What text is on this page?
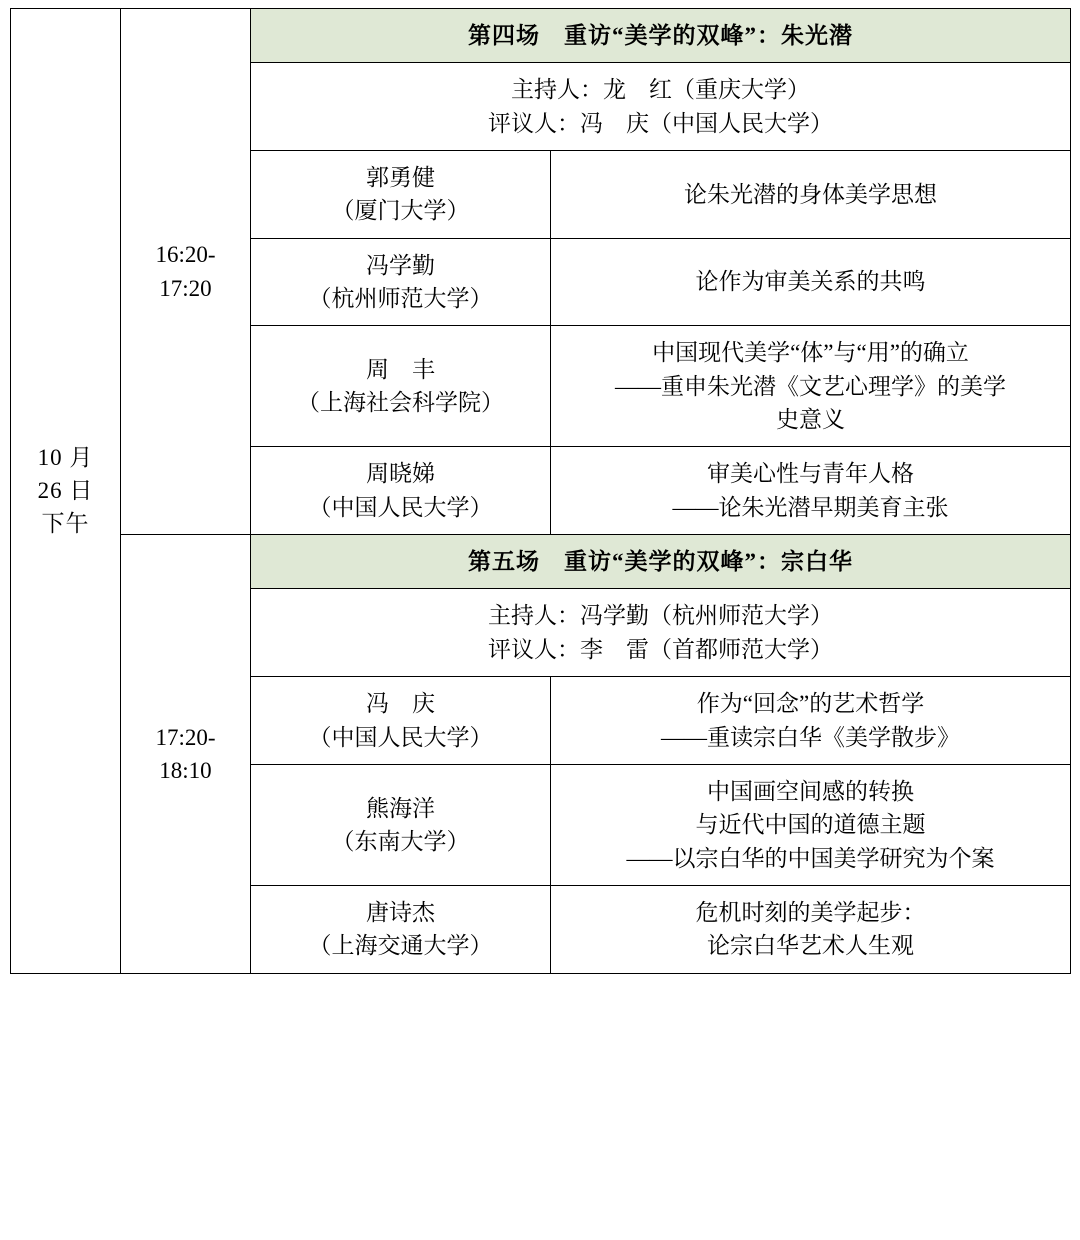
10 月
26 日
下午	16:20-
17:20	第四场　重访“美学的双峰”：朱光潜	

		主持人：龙　红（重庆大学）
评议人：冯　庆（中国人民大学）	

		郭勇健
（厦门大学）	论朱光潜的身体美学思想

		冯学勤
（杭州师范大学）	论作为审美关系的共鸣

		周　丰
（上海社会科学院）	中国现代美学“体”与“用”的确立
——重申朱光潜《文艺心理学》的美学
史意义

		周晓娣
（中国人民大学）	审美心性与青年人格
——论朱光潜早期美育主张

	17:20-
18:10	第五场　重访“美学的双峰”：宗白华	

		主持人：冯学勤（杭州师范大学）
评议人：李　雷（首都师范大学）	

		冯　庆
（中国人民大学）	作为“回念”的艺术哲学
——重读宗白华《美学散步》

		熊海洋
（东南大学）	中国画空间感的转换
与近代中国的道德主题
——以宗白华的中国美学研究为个案

		唐诗杰
（上海交通大学）	危机时刻的美学起步：
论宗白华艺术人生观
